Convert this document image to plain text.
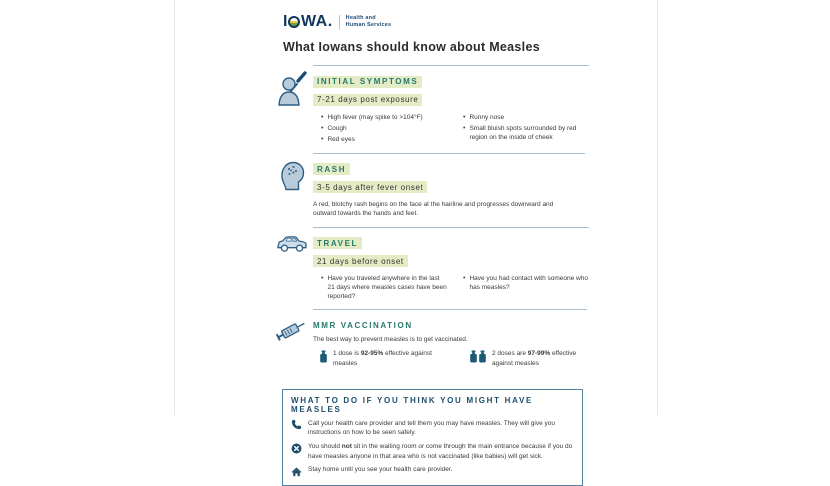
I WA. Health and
Human Services
What Iowans should know about Measles
INITIAL SYMPTOMS
7-21 days post exposure
• High fever (may spike to >104°F)
• Cough
• Red eyes
• Runny nose
• Small bluish spots surrounded by red region on the inside of cheek
RASH
3-5 days after fever onset

A red, blotchy rash begins on the face at the hairline and progresses downward and outward towards the hands and feet.

TRAVEL
21 days before onset
• Have you traveled anywhere in the last 21 days where measles cases have been reported?
• Have you had contact with someone who has measles?
MMR VACCINATION

The best way to prevent measles is to get vaccinated.

1 dose is 92-95% effective against measles
2 doses are 97-99% effective against measles
WHAT TO DO IF YOU THINK YOU MIGHT HAVE MEASLES
Call your health care provider and tell them you may have measles. They will give you instructions on how to be seen safely.
You should not sit in the waiting room or come through the main entrance because if you do have measles anyone in that area who is not vaccinated (like babies) will get sick.
Stay home until you see your health care provider.
